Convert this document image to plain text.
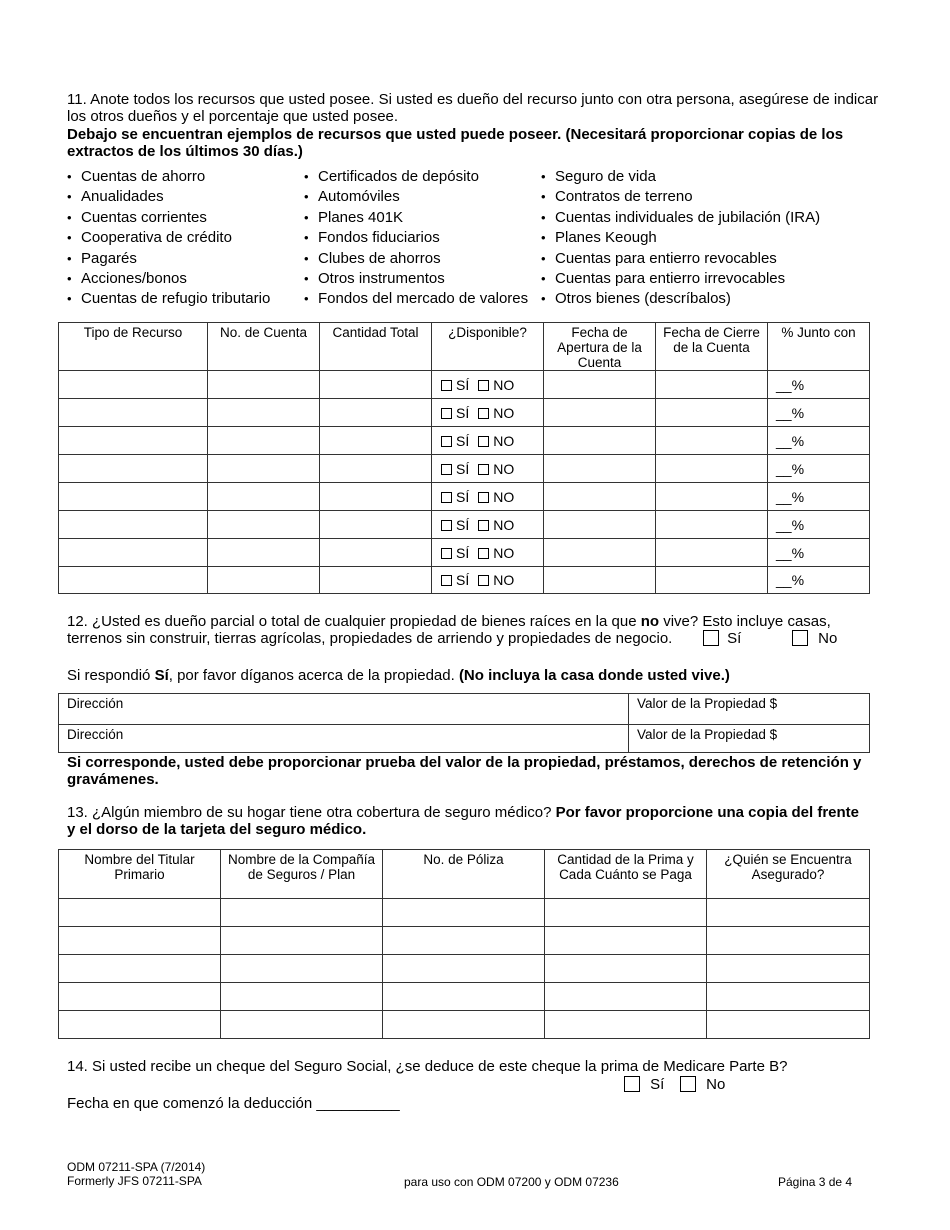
11. Anote todos los recursos que usted posee. Si usted es dueño del recurso junto con otra persona, asegúrese de indicar los otros dueños y el porcentaje que usted posee.

Debajo se encuentran ejemplos de recursos que usted puede poseer. (Necesitará proporcionar copias de los extractos de los últimos 30 días.)

• Cuentas de ahorro
• Anualidades
• Cuentas corrientes
• Cooperativa de crédito
• Pagarés
• Acciones/bonos
• Cuentas de refugio tributario
• Certificados de depósito
• Automóviles
• Planes 401K
• Fondos fiduciarios
• Clubes de ahorros
• Otros instrumentos
• Fondos del mercado de valores
• Seguro de vida
• Contratos de terreno
• Cuentas individuales de jubilación (IRA)
• Planes Keough
• Cuentas para entierro revocables
• Cuentas para entierro irrevocables
• Otros bienes (descríbalos)
Tipo de Recurso	No. de Cuenta	Cantidad Total	¿Disponible?	Fecha de Apertura de la Cuenta	Fecha de Cierre de la Cuenta	% Junto con
			SÍ NO			__%
			SÍ NO			__%
			SÍ NO			__%
			SÍ NO			__%
			SÍ NO			__%
			SÍ NO			__%
			SÍ NO			__%
			SÍ NO			__%

12. ¿Usted es dueño parcial o total de cualquier propiedad de bienes raíces en la que no vive? Esto incluye casas, terrenos sin construir, tierras agrícolas, propiedades de arriendo y propiedades de negocio.	Sí	No

Si respondió Sí, por favor díganos acerca de la propiedad. (No incluya la casa donde usted vive.)

Dirección	Valor de la Propiedad $
Dirección	Valor de la Propiedad $

Si corresponde, usted debe proporcionar prueba del valor de la propiedad, préstamos, derechos de retención y gravámenes.

13. ¿Algún miembro de su hogar tiene otra cobertura de seguro médico? Por favor proporcione una copia del frente y el dorso de la tarjeta del seguro médico.

Nombre del Titular Primario	Nombre de la Compañía de Seguros / Plan	No. de Póliza	Cantidad de la Prima y Cada Cuánto se Paga	¿Quién se Encuentra Asegurado?

14. Si usted recibe un cheque del Seguro Social, ¿se deduce de este cheque la prima de Medicare Parte B?

Sí	No

Fecha en que comenzó la deducción __________

ODM 07211-SPA (7/2014)
Formerly JFS 07211-SPA	para uso con ODM 07200 y ODM 07236	Página 3 de 4
